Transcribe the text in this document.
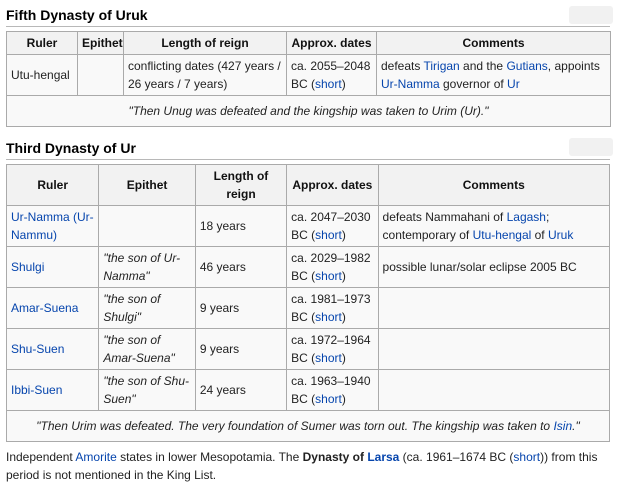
Fifth Dynasty of Uruk
Ruler	Epithet	Length of reign	Approx. dates	Comments
Utu-hengal		conflicting dates (427 years / 26 years / 7 years)	ca. 2055–2048 BC (short)	defeats Tirigan and the Gutians, appoints Ur-Namma governor of Ur
"Then Unug was defeated and the kingship was taken to Urim (Ur)."				
Third Dynasty of Ur
Ruler	Epithet	Length of reign	Approx. dates	Comments
Ur-Namma (Ur-Nammu)		18 years	ca. 2047–2030 BC (short)	defeats Nammahani of Lagash; contemporary of Utu-hengal of Uruk
Shulgi	"the son of Ur-Namma"	46 years	ca. 2029–1982 BC (short)	possible lunar/solar eclipse 2005 BC
Amar-Suena	"the son of Shulgi"	9 years	ca. 1981–1973 BC (short)	
Shu-Suen	"the son of Amar-Suena"	9 years	ca. 1972–1964 BC (short)	
Ibbi-Suen	"the son of Shu-Suen"	24 years	ca. 1963–1940 BC (short)	
"Then Urim was defeated. The very foundation of Sumer was torn out. The kingship was taken to Isin."				
Independent Amorite states in lower Mesopotamia. The Dynasty of Larsa (ca. 1961–1674 BC (short)) from this period is not mentioned in the King List.
